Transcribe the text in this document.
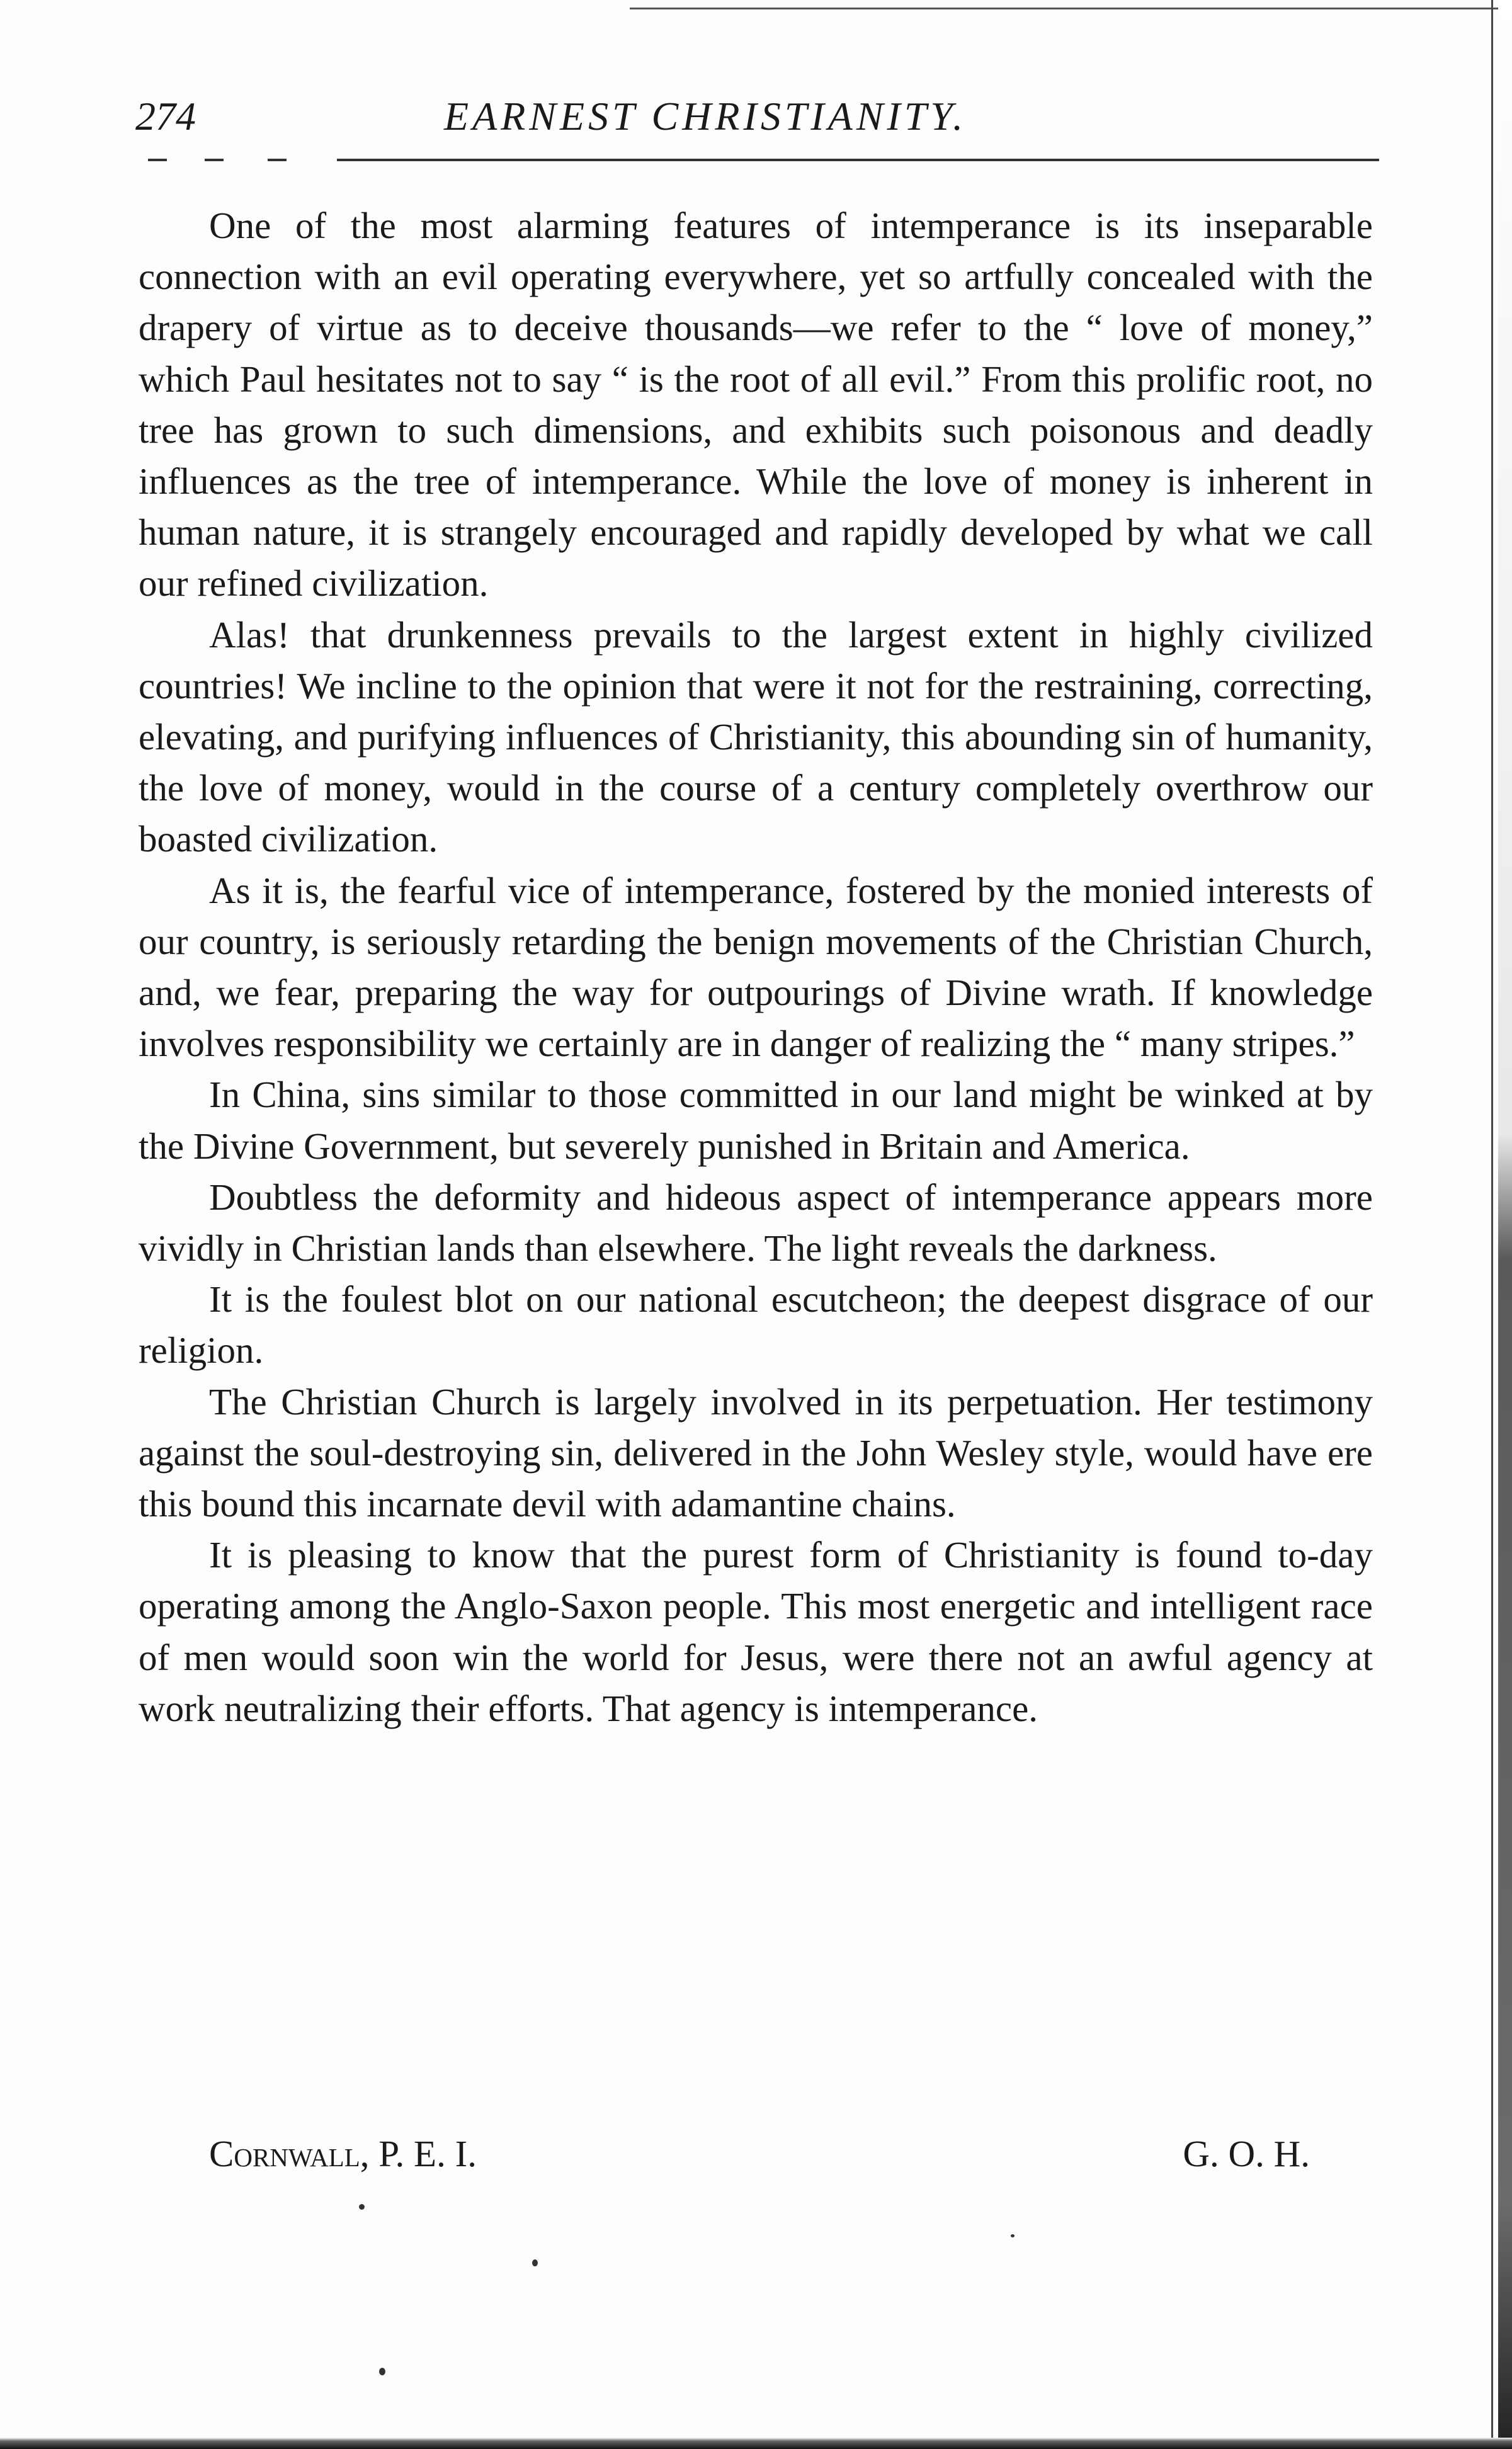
274	EARNEST CHRISTIANITY.

One of the most alarming features of intemperance is its inseparable connection with an evil operating everywhere, yet so artfully concealed with the drapery of virtue as to deceive thousands—we refer to the “ love of money,” which Paul hesitates not to say “ is the root of all evil.” From this prolific root, no tree has grown to such dimensions, and exhibits such poisonous and deadly influences as the tree of intemperance. While the love of money is inherent in human nature, it is strangely encouraged and rapidly developed by what we call our refined civilization.

Alas! that drunkenness prevails to the largest extent in highly civilized countries! We incline to the opinion that were it not for the restraining, correcting, elevating, and purifying influences of Christianity, this abounding sin of humanity, the love of money, would in the course of a century completely overthrow our boasted civilization.

As it is, the fearful vice of intemperance, fostered by the monied interests of our country, is seriously retarding the benign movements of the Christian Church, and, we fear, preparing the way for outpourings of Divine wrath. If knowledge involves responsibility we certainly are in danger of realizing the “ many stripes.”

In China, sins similar to those committed in our land might be winked at by the Divine Government, but severely punished in Britain and America.

Doubtless the deformity and hideous aspect of intemperance appears more vividly in Christian lands than elsewhere. The light reveals the darkness.

It is the foulest blot on our national escutcheon; the deepest disgrace of our religion.

The Christian Church is largely involved in its perpetuation. Her testimony against the soul-destroying sin, delivered in the John Wesley style, would have ere this bound this incarnate devil with adamantine chains.

It is pleasing to know that the purest form of Christianity is found to-day operating among the Anglo-Saxon people. This most energetic and intelligent race of men would soon win the world for Jesus, were there not an awful agency at work neutralizing their efforts. That agency is intemperance.

Cornwall, P. E. I.	G. O. H.
